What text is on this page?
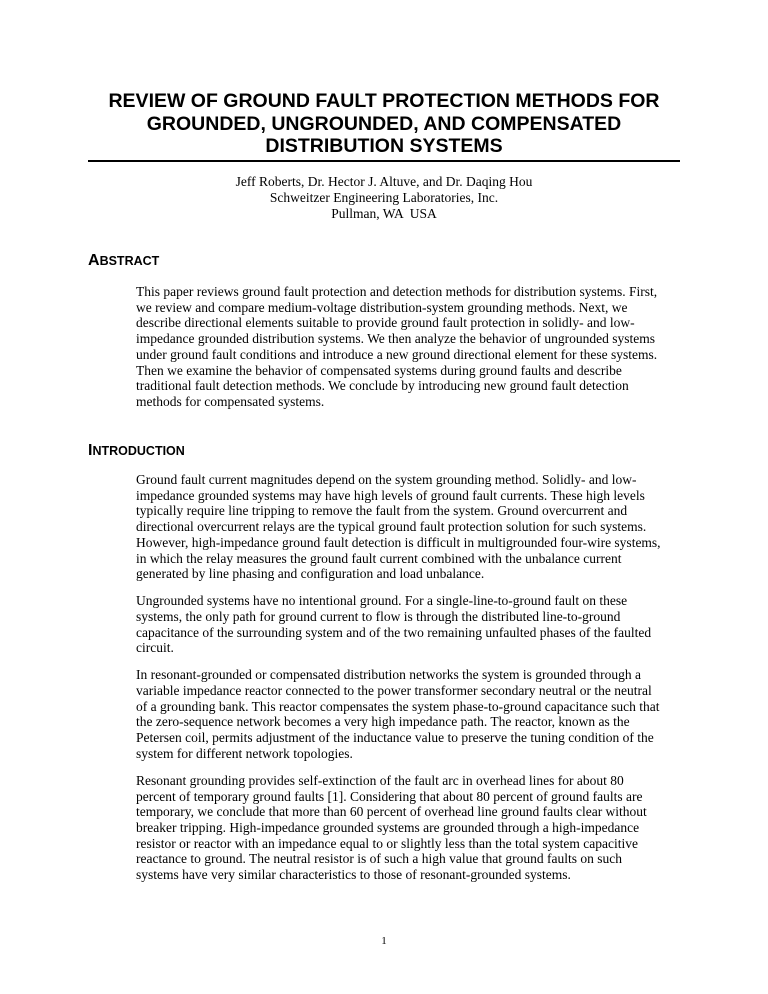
REVIEW OF GROUND FAULT PROTECTION METHODS FOR
GROUNDED, UNGROUNDED, AND COMPENSATED
DISTRIBUTION SYSTEMS
Jeff Roberts, Dr. Hector J. Altuve, and Dr. Daqing Hou
Schweitzer Engineering Laboratories, Inc.
Pullman, WA  USA
ABSTRACT

This paper reviews ground fault protection and detection methods for distribution systems. First,
we review and compare medium-voltage distribution-system grounding methods. Next, we
describe directional elements suitable to provide ground fault protection in solidly- and low-
impedance grounded distribution systems. We then analyze the behavior of ungrounded systems
under ground fault conditions and introduce a new ground directional element for these systems.
Then we examine the behavior of compensated systems during ground faults and describe
traditional fault detection methods. We conclude by introducing new ground fault detection
methods for compensated systems.

INTRODUCTION

Ground fault current magnitudes depend on the system grounding method. Solidly- and low-
impedance grounded systems may have high levels of ground fault currents. These high levels
typically require line tripping to remove the fault from the system. Ground overcurrent and
directional overcurrent relays are the typical ground fault protection solution for such systems.
However, high-impedance ground fault detection is difficult in multigrounded four-wire systems,
in which the relay measures the ground fault current combined with the unbalance current
generated by line phasing and configuration and load unbalance.

Ungrounded systems have no intentional ground. For a single-line-to-ground fault on these
systems, the only path for ground current to flow is through the distributed line-to-ground
capacitance of the surrounding system and of the two remaining unfaulted phases of the faulted
circuit.

In resonant-grounded or compensated distribution networks the system is grounded through a
variable impedance reactor connected to the power transformer secondary neutral or the neutral
of a grounding bank. This reactor compensates the system phase-to-ground capacitance such that
the zero-sequence network becomes a very high impedance path. The reactor, known as the
Petersen coil, permits adjustment of the inductance value to preserve the tuning condition of the
system for different network topologies.

Resonant grounding provides self-extinction of the fault arc in overhead lines for about 80
percent of temporary ground faults [1]. Considering that about 80 percent of ground faults are
temporary, we conclude that more than 60 percent of overhead line ground faults clear without
breaker tripping. High-impedance grounded systems are grounded through a high-impedance
resistor or reactor with an impedance equal to or slightly less than the total system capacitive
reactance to ground. The neutral resistor is of such a high value that ground faults on such
systems have very similar characteristics to those of resonant-grounded systems.

1
